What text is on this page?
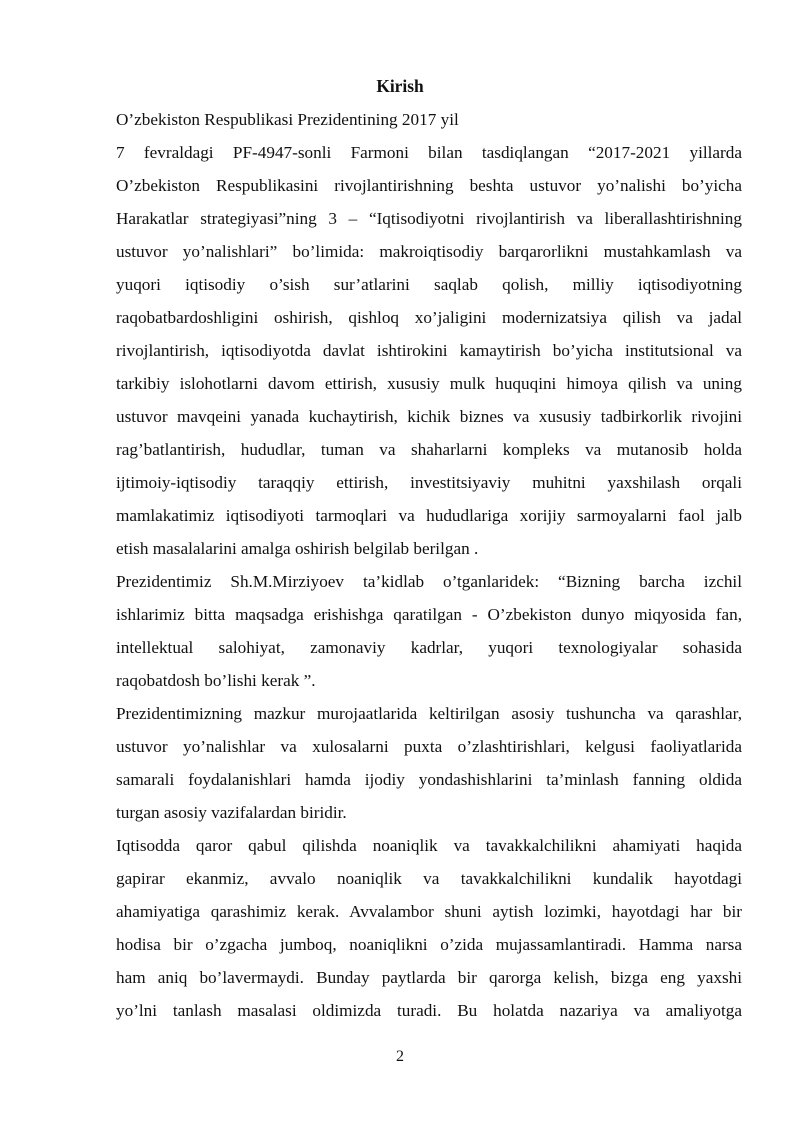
Kirish
O’zbekiston Respublikasi Prezidentining 2017 yil
7 fevraldagi PF-4947-sonli Farmoni bilan tasdiqlangan “2017-2021 yillarda
O’zbekiston Respublikasini rivojlantirishning beshta ustuvor yo’nalishi bo’yicha
Harakatlar strategiyasi”ning 3 – “Iqtisodiyotni rivojlantirish va liberallashtirishning
ustuvor yo’nalishlari” bo’limida: makroiqtisodiy barqarorlikni mustahkamlash va
yuqori iqtisodiy o’sish sur’atlarini saqlab qolish, milliy iqtisodiyotning
raqobatbardoshligini oshirish, qishloq xo’jaligini modernizatsiya qilish va jadal
rivojlantirish, iqtisodiyotda davlat ishtirokini kamaytirish bo’yicha institutsional va
tarkibiy islohotlarni davom ettirish, xususiy mulk huquqini himoya qilish va uning
ustuvor mavqeini yanada kuchaytirish, kichik biznes va xususiy tadbirkorlik rivojini
rag’batlantirish, hududlar, tuman va shaharlarni kompleks va mutanosib holda
ijtimoiy-iqtisodiy taraqqiy ettirish, investitsiyaviy muhitni yaxshilash orqali
mamlakatimiz iqtisodiyoti tarmoqlari va hududlariga xorijiy sarmoyalarni faol jalb
etish masalalarini amalga oshirish belgilab berilgan .
Prezidentimiz Sh.M.Mirziyoev ta’kidlab o’tganlaridek: “Bizning barcha izchil
ishlarimiz bitta maqsadga erishishga qaratilgan - O’zbekiston dunyo miqyosida fan,
intellektual salohiyat, zamonaviy kadrlar, yuqori texnologiyalar sohasida
raqobatdosh bo’lishi kerak ”.
Prezidentimizning mazkur murojaatlarida keltirilgan asosiy tushuncha va qarashlar,
ustuvor yo’nalishlar va xulosalarni puxta o’zlashtirishlari, kelgusi faoliyatlarida
samarali foydalanishlari hamda ijodiy yondashishlarini ta’minlash fanning oldida
turgan asosiy vazifalardan biridir.
Iqtisodda qaror qabul qilishda noaniqlik va tavakkalchilikni ahamiyati haqida
gapirar ekanmiz, avvalo noaniqlik va tavakkalchilikni kundalik hayotdagi
ahamiyatiga qarashimiz kerak. Avvalambor shuni aytish lozimki, hayotdagi har bir
hodisa bir o’zgacha jumboq, noaniqlikni o’zida mujassamlantiradi. Hamma narsa
ham aniq bo’lavermaydi. Bunday paytlarda bir qarorga kelish, bizga eng yaxshi
yo’lni tanlash masalasi oldimizda turadi. Bu holatda nazariya va amaliyotga
2
